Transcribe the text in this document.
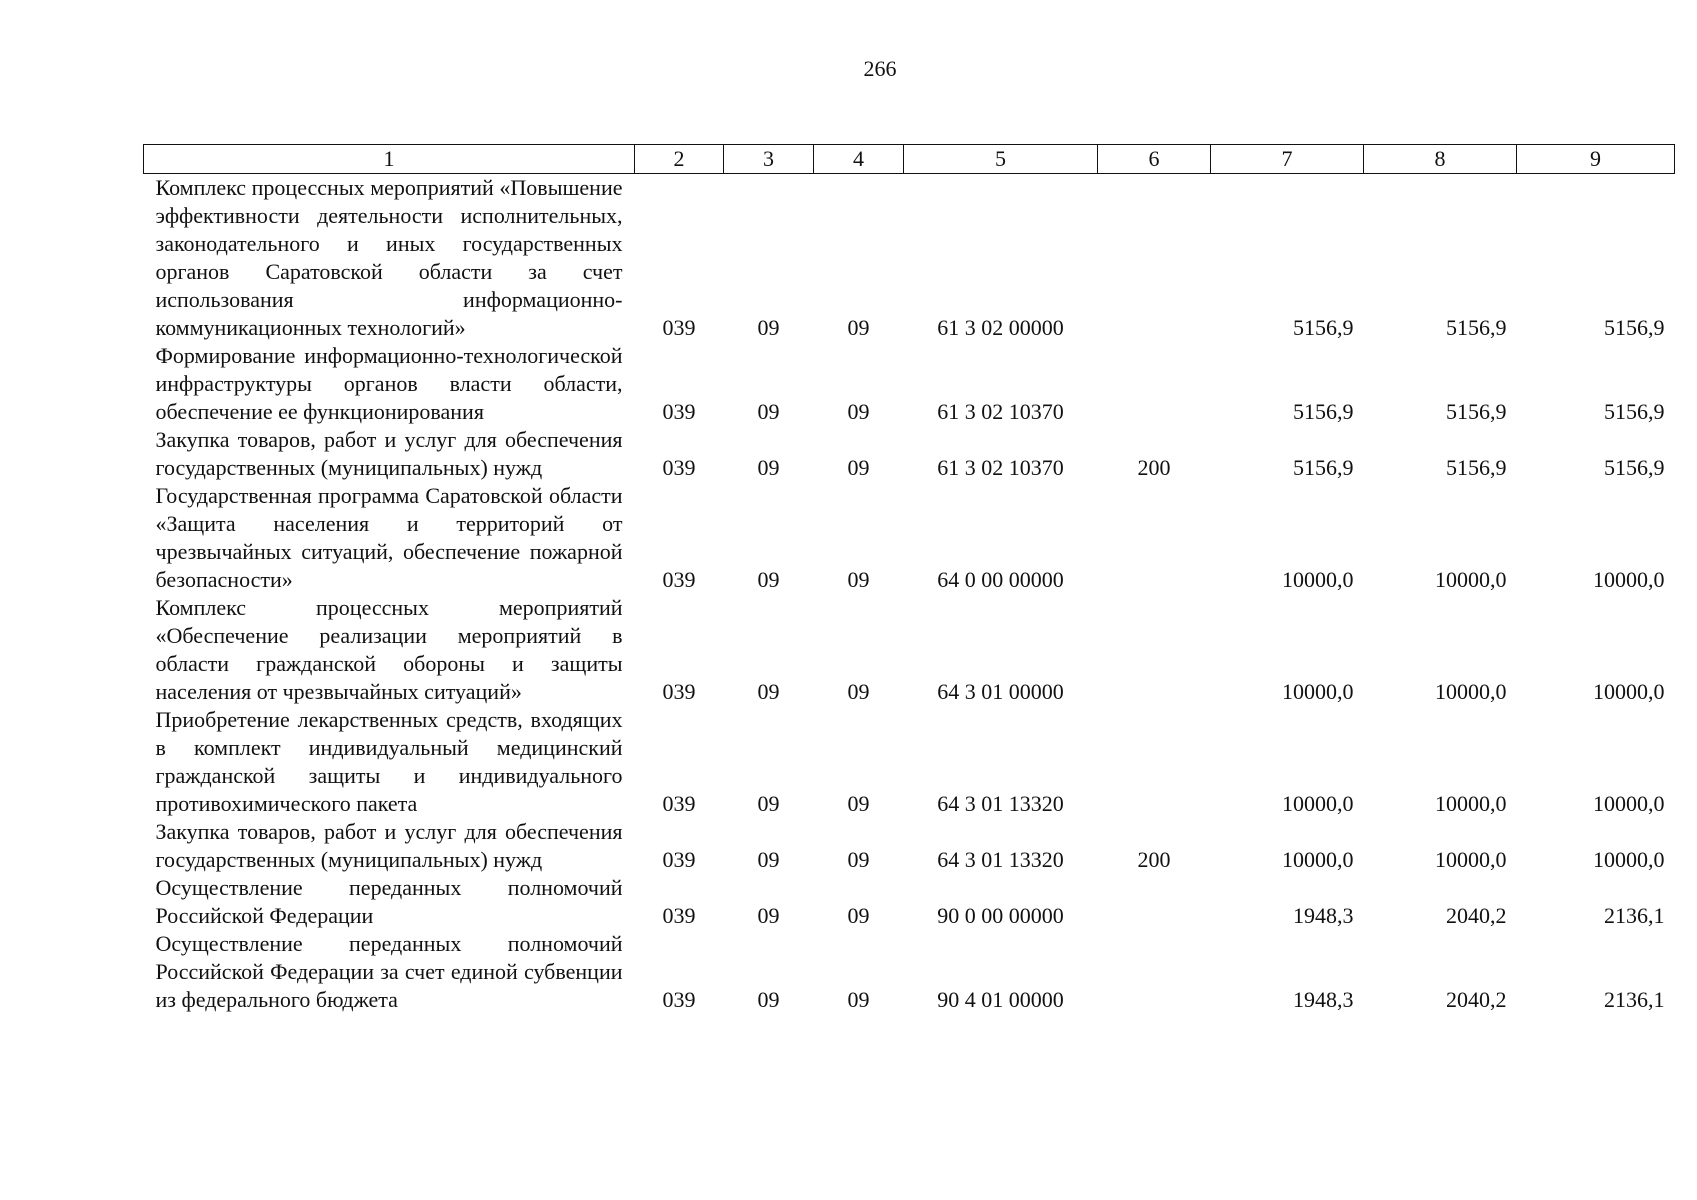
266
1	2	3	4	5	6	7	8	9
Комплекс процессных мероприятий «Повышение эффективности деятельности исполнительных, законодательного и иных государственных органов Саратовской области за счет использования информационно-коммуникационных технологий»	039	09	09	61 3 02 00000		5156,9	5156,9	5156,9
Формирование информационно-технологической инфраструктуры органов власти области, обеспечение ее функционирования	039	09	09	61 3 02 10370		5156,9	5156,9	5156,9
Закупка товаров, работ и услуг для обеспечения государственных (муниципальных) нужд	039	09	09	61 3 02 10370	200	5156,9	5156,9	5156,9
Государственная программа Саратовской области «Защита населения и территорий от чрезвычайных ситуаций, обеспечение пожарной безопасности»	039	09	09	64 0 00 00000		10000,0	10000,0	10000,0
Комплекс процессных мероприятий «Обеспечение реализации мероприятий в области гражданской обороны и защиты населения от чрезвычайных ситуаций»	039	09	09	64 3 01 00000		10000,0	10000,0	10000,0
Приобретение лекарственных средств, входящих в комплект индивидуальный медицинский гражданской защиты и индивидуального противохимического пакета	039	09	09	64 3 01 13320		10000,0	10000,0	10000,0
Закупка товаров, работ и услуг для обеспечения государственных (муниципальных) нужд	039	09	09	64 3 01 13320	200	10000,0	10000,0	10000,0
Осуществление переданных полномочий Российской Федерации	039	09	09	90 0 00 00000		1948,3	2040,2	2136,1
Осуществление переданных полномочий Российской Федерации за счет единой субвенции из федерального бюджета	039	09	09	90 4 01 00000		1948,3	2040,2	2136,1
